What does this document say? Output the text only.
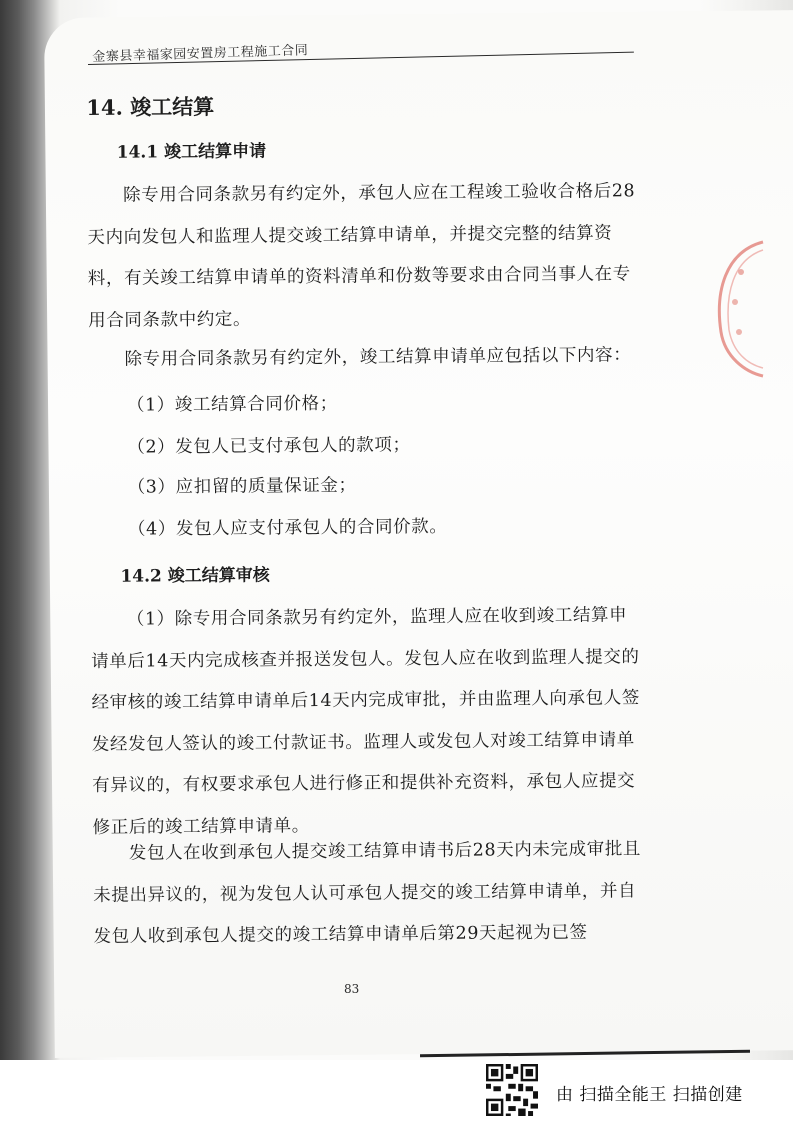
金寨县幸福家园安置房工程施工合同
14. 竣工结算
14.1 竣工结算申请
除专用合同条款另有约定外，承包人应在工程竣工验收合格后28天内向发包人和监理人提交竣工结算申请单，并提交完整的结算资料，有关竣工结算申请单的资料清单和份数等要求由合同当事人在专用合同条款中约定。
除专用合同条款另有约定外，竣工结算申请单应包括以下内容：
（1）竣工结算合同价格；
（2）发包人已支付承包人的款项；
（3）应扣留的质量保证金；
（4）发包人应支付承包人的合同价款。
14.2 竣工结算审核
（1）除专用合同条款另有约定外，监理人应在收到竣工结算申请单后14天内完成核查并报送发包人。发包人应在收到监理人提交的经审核的竣工结算申请单后14天内完成审批，并由监理人向承包人签发经发包人签认的竣工付款证书。监理人或发包人对竣工结算申请单有异议的，有权要求承包人进行修正和提供补充资料，承包人应提交修正后的竣工结算申请单。
发包人在收到承包人提交竣工结算申请书后28天内未完成审批且未提出异议的，视为发包人认可承包人提交的竣工结算申请单，并自发包人收到承包人提交的竣工结算申请单后第29天起视为已签
83
由 扫描全能王 扫描创建
